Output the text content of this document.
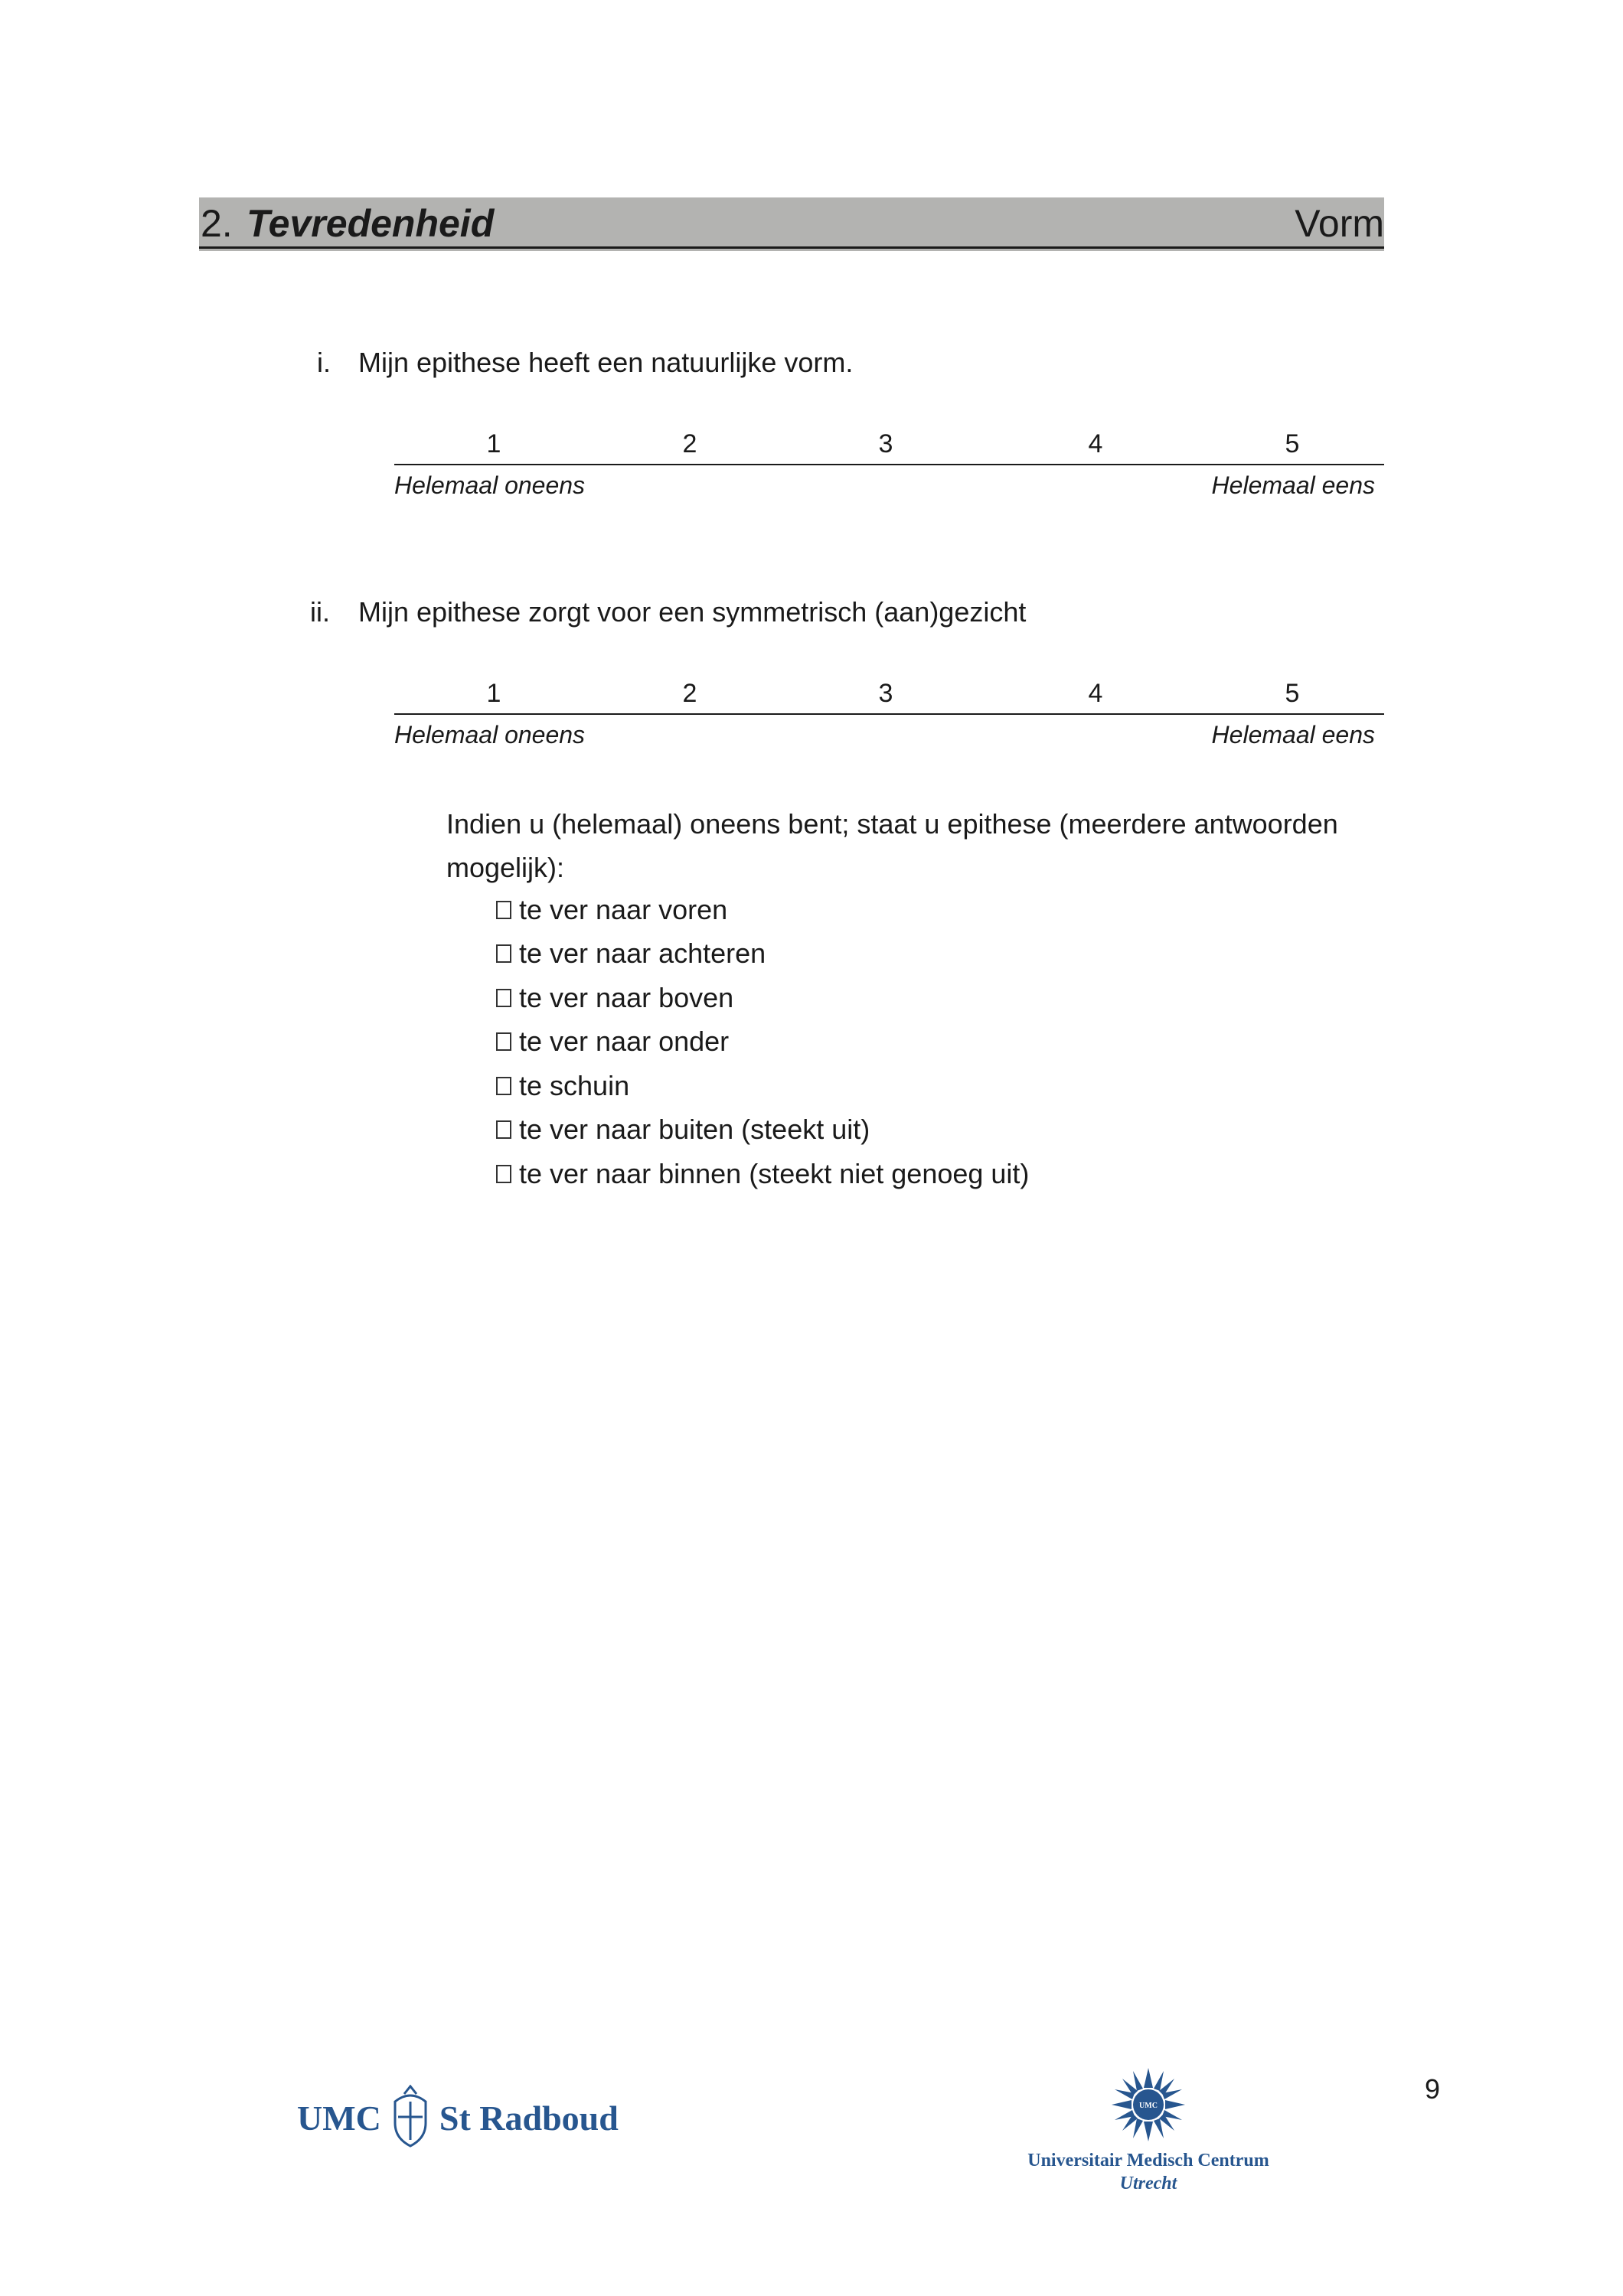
2. Tevredenheid	Vorm
i. Mijn epithese heeft een natuurlijke vorm.
1	2	3	4	5
Helemaal oneens	Helemaal eens
ii. Mijn epithese zorgt voor een symmetrisch (aan)gezicht
1	2	3	4	5
Helemaal oneens	Helemaal eens
Indien u (helemaal) oneens bent; staat u epithese (meerdere antwoorden mogelijk):
te ver naar voren
te ver naar achteren
te ver naar boven
te ver naar onder
te schuin
te ver naar buiten (steekt uit)
te ver naar binnen (steekt niet genoeg uit)
9
UMC St Radboud	UMC
Universitair Medisch Centrum
Utrecht
